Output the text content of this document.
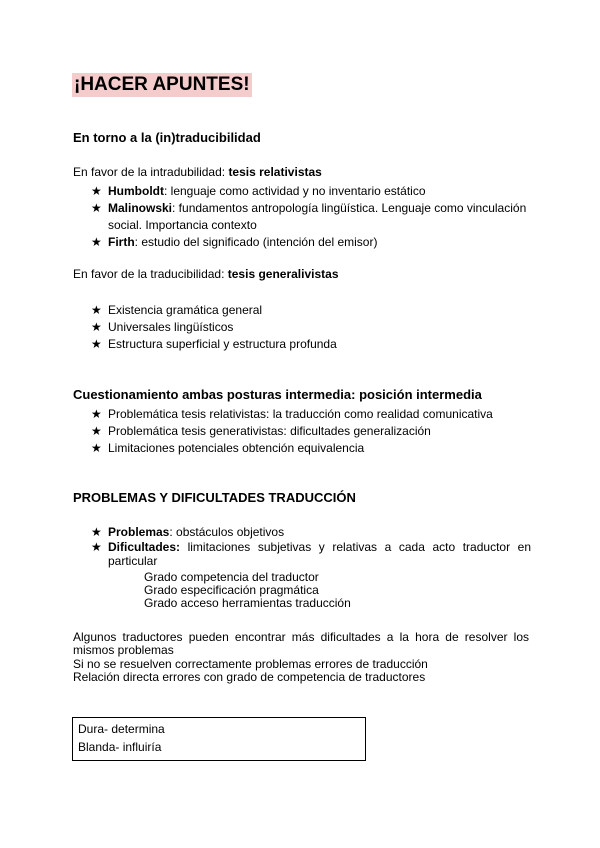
¡HACER APUNTES!
En torno a la (in)traducibilidad
En favor de la intradubilidad: tesis relativistas
★ Humboldt: lenguaje como actividad y no inventario estático
★ Malinowski: fundamentos antropología lingüística. Lenguaje como vinculación social. Importancia contexto
★ Firth: estudio del significado (intención del emisor)
En favor de la traducibilidad: tesis generalivistas
★ Existencia gramática general
★ Universales lingüísticos
★ Estructura superficial y estructura profunda
Cuestionamiento ambas posturas intermedia: posición intermedia
★ Problemática tesis relativistas: la traducción como realidad comunicativa
★ Problemática tesis generativistas: dificultades generalización
★ Limitaciones potenciales obtención equivalencia
PROBLEMAS Y DIFICULTADES TRADUCCIÓN
★ Problemas: obstáculos objetivos
★ Dificultades: limitaciones subjetivas y relativas a cada acto traductor en particular
Grado competencia del traductor
Grado especificación pragmática
Grado acceso herramientas traducción
Algunos traductores pueden encontrar más dificultades a la hora de resolver los mismos problemas
Si no se resuelven correctamente problemas errores de traducción
Relación directa errores con grado de competencia de traductores
Dura- determina
Blanda- influiría
